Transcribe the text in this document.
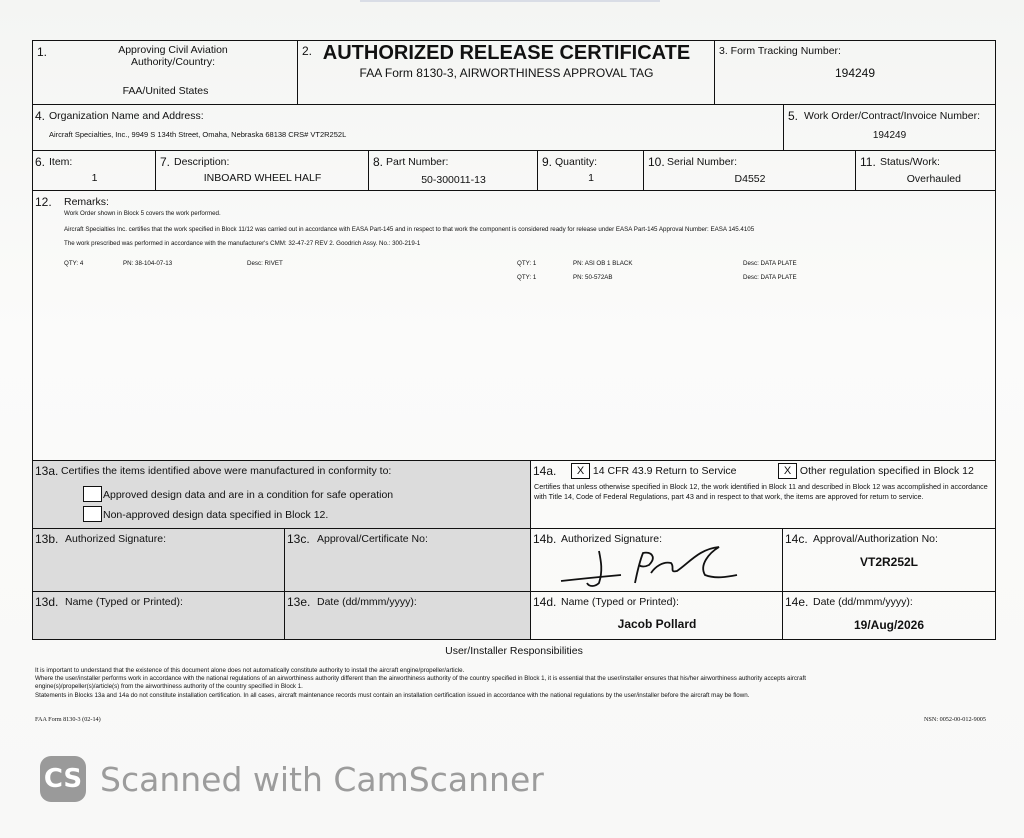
1.	Approving Civil Aviation Authority/Country:
FAA/United States
2. AUTHORIZED RELEASE CERTIFICATE
FAA Form 8130-3, AIRWORTHINESS APPROVAL TAG
3. Form Tracking Number:
194249
4. Organization Name and Address:
Aircraft Specialties, Inc., 9949 S 134th Street, Omaha, Nebraska 68138 CRS# VT2R252L
5. Work Order/Contract/Invoice Number:
194249
6. Item:
1
7. Description:
INBOARD WHEEL HALF
8. Part Number:
50-300011-13
9. Quantity:
1
10. Serial Number:
D4552
11. Status/Work:
Overhauled
12. Remarks:
Work Order shown in Block 5 covers the work performed.
Aircraft Specialties Inc. certifies that the work specified in Block 11/12 was carried out in accordance with EASA Part-145 and in respect to that work the component is considered ready for release under EASA Part-145 Approval Number: EASA 145.4105
The work prescribed was performed in accordance with the manufacturer's CMM: 32-47-27 REV 2. Goodrich Assy. No.: 300-219-1
QTY: 4	PN: 38-104-07-13	Desc: RIVET	QTY: 1	PN: ASI OB 1 BLACK	Desc: DATA PLATE
QTY: 1	PN: 50-572AB	Desc: DATA PLATE
13a. Certifies the items identified above were manufactured in conformity to:
Approved design data and are in a condition for safe operation
Non-approved design data specified in Block 12.
14a.	X 14 CFR 43.9 Return to Service	X Other regulation specified in Block 12
Certifies that unless otherwise specified in Block 12, the work identified in Block 11 and described in Block 12 was accomplished in accordance with Title 14, Code of Federal Regulations, part 43 and in respect to that work, the items are approved for return to service.
13b. Authorized Signature:	13c. Approval/Certificate No:	14b. Authorized Signature:	14c. Approval/Authorization No:
VT2R252L
13d. Name (Typed or Printed):	13e. Date (dd/mmm/yyyy):	14d. Name (Typed or Printed):
Jacob Pollard
14e. Date (dd/mmm/yyyy):
19/Aug/2026
User/Installer Responsibilities
It is important to understand that the existence of this document alone does not automatically constitute authority to install the aircraft engine/propeller/article.
Where the user/installer performs work in accordance with the national regulations of an airworthiness authority different than the airworthiness authority of the country specified in Block 1, it is essential that the user/installer ensures that his/her airworthiness authority accepts aircraft
engine(s)/propeller(s)/article(s) from the airworthiness authority of the country specified in Block 1.
Statements in Blocks 13a and 14a do not constitute installation certification. In all cases, aircraft maintenance records must contain an installation certification issued in accordance with the national regulations by the user/installer before the aircraft may be flown.
FAA Form 8130-3 (02-14)	NSN: 0052-00-012-9005
CS Scanned with CamScanner
